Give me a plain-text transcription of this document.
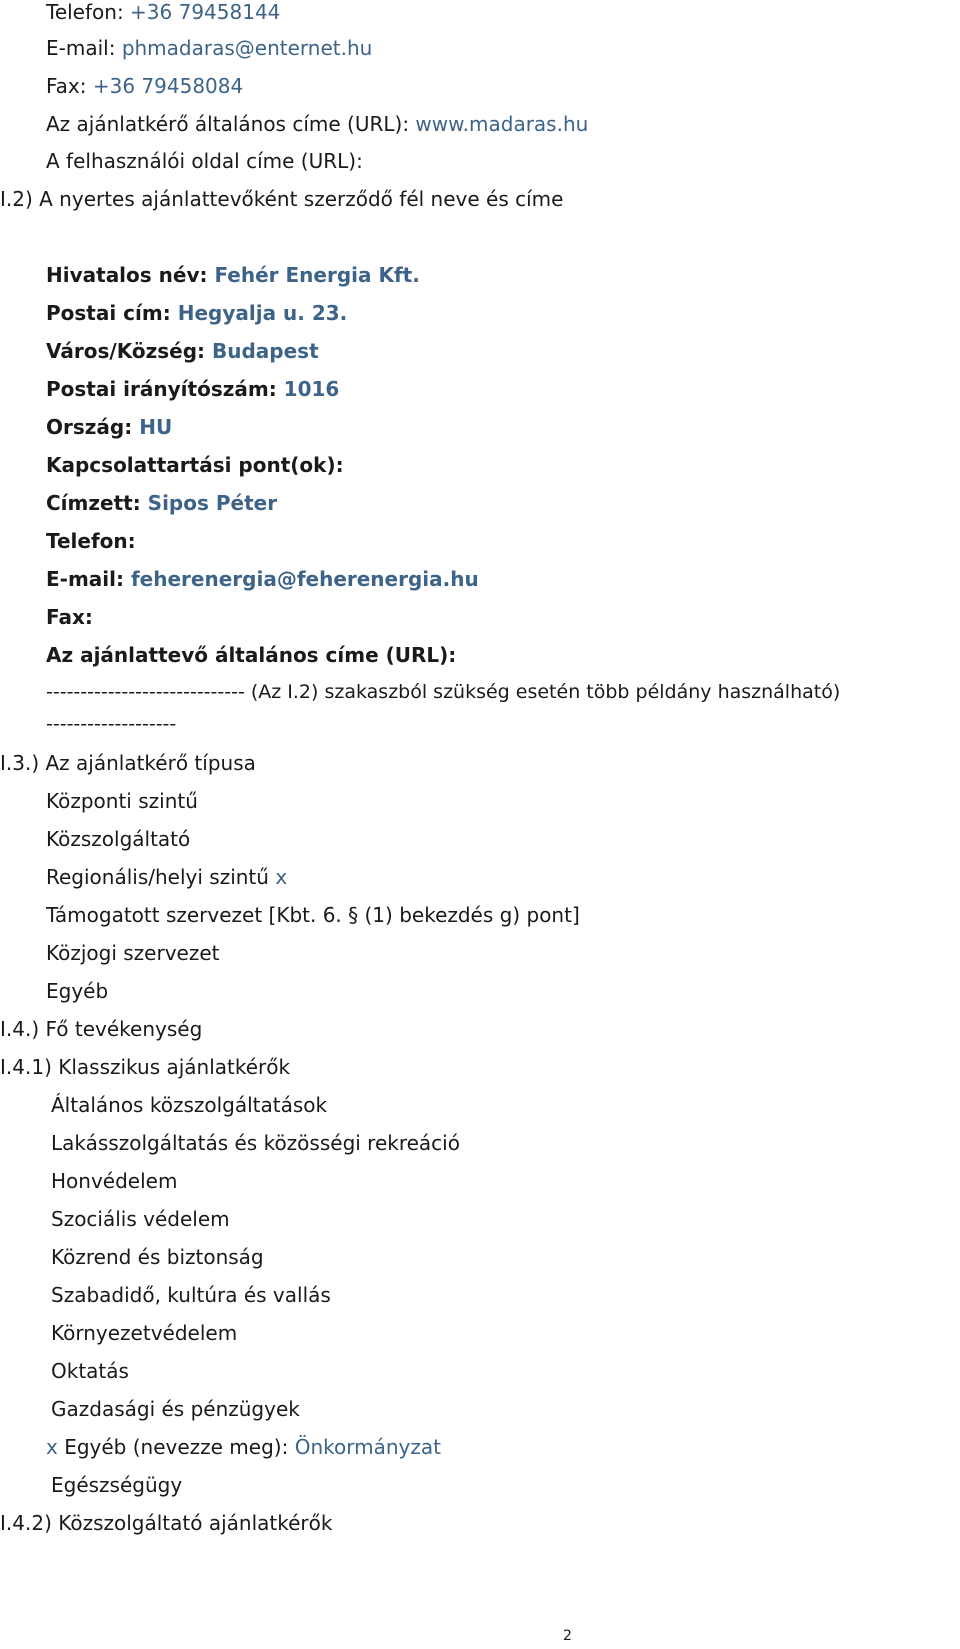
Telefon: +36 79458144
E-mail: phmadaras@enternet.hu
Fax: +36 79458084
Az ajánlatkérő általános címe (URL): www.madaras.hu
A felhasználói oldal címe (URL):
I.2) A nyertes ajánlattevőként szerződő fél neve és címe
Hivatalos név: Fehér Energia Kft.
Postai cím: Hegyalja u. 23.
Város/Község: Budapest
Postai irányítószám: 1016
Ország: HU
Kapcsolattartási pont(ok):
Címzett: Sipos Péter
Telefon:
E-mail: feherenergia@feherenergia.hu
Fax:
Az ajánlattevő általános címe (URL):
----------------------------- (Az I.2) szakaszból szükség esetén több példány használható)
-------------------
I.3.) Az ajánlatkérő típusa
Központi szintű
Közszolgáltató
Regionális/helyi szintű x
Támogatott szervezet [Kbt. 6. § (1) bekezdés g) pont]
Közjogi szervezet
Egyéb
I.4.) Fő tevékenység
I.4.1) Klasszikus ajánlatkérők
Általános közszolgáltatások
Lakásszolgáltatás és közösségi rekreáció
Honvédelem
Szociális védelem
Közrend és biztonság
Szabadidő, kultúra és vallás
Környezetvédelem
Oktatás
Gazdasági és pénzügyek
x Egyéb (nevezze meg): Önkormányzat
Egészségügy
I.4.2) Közszolgáltató ajánlatkérők
2
